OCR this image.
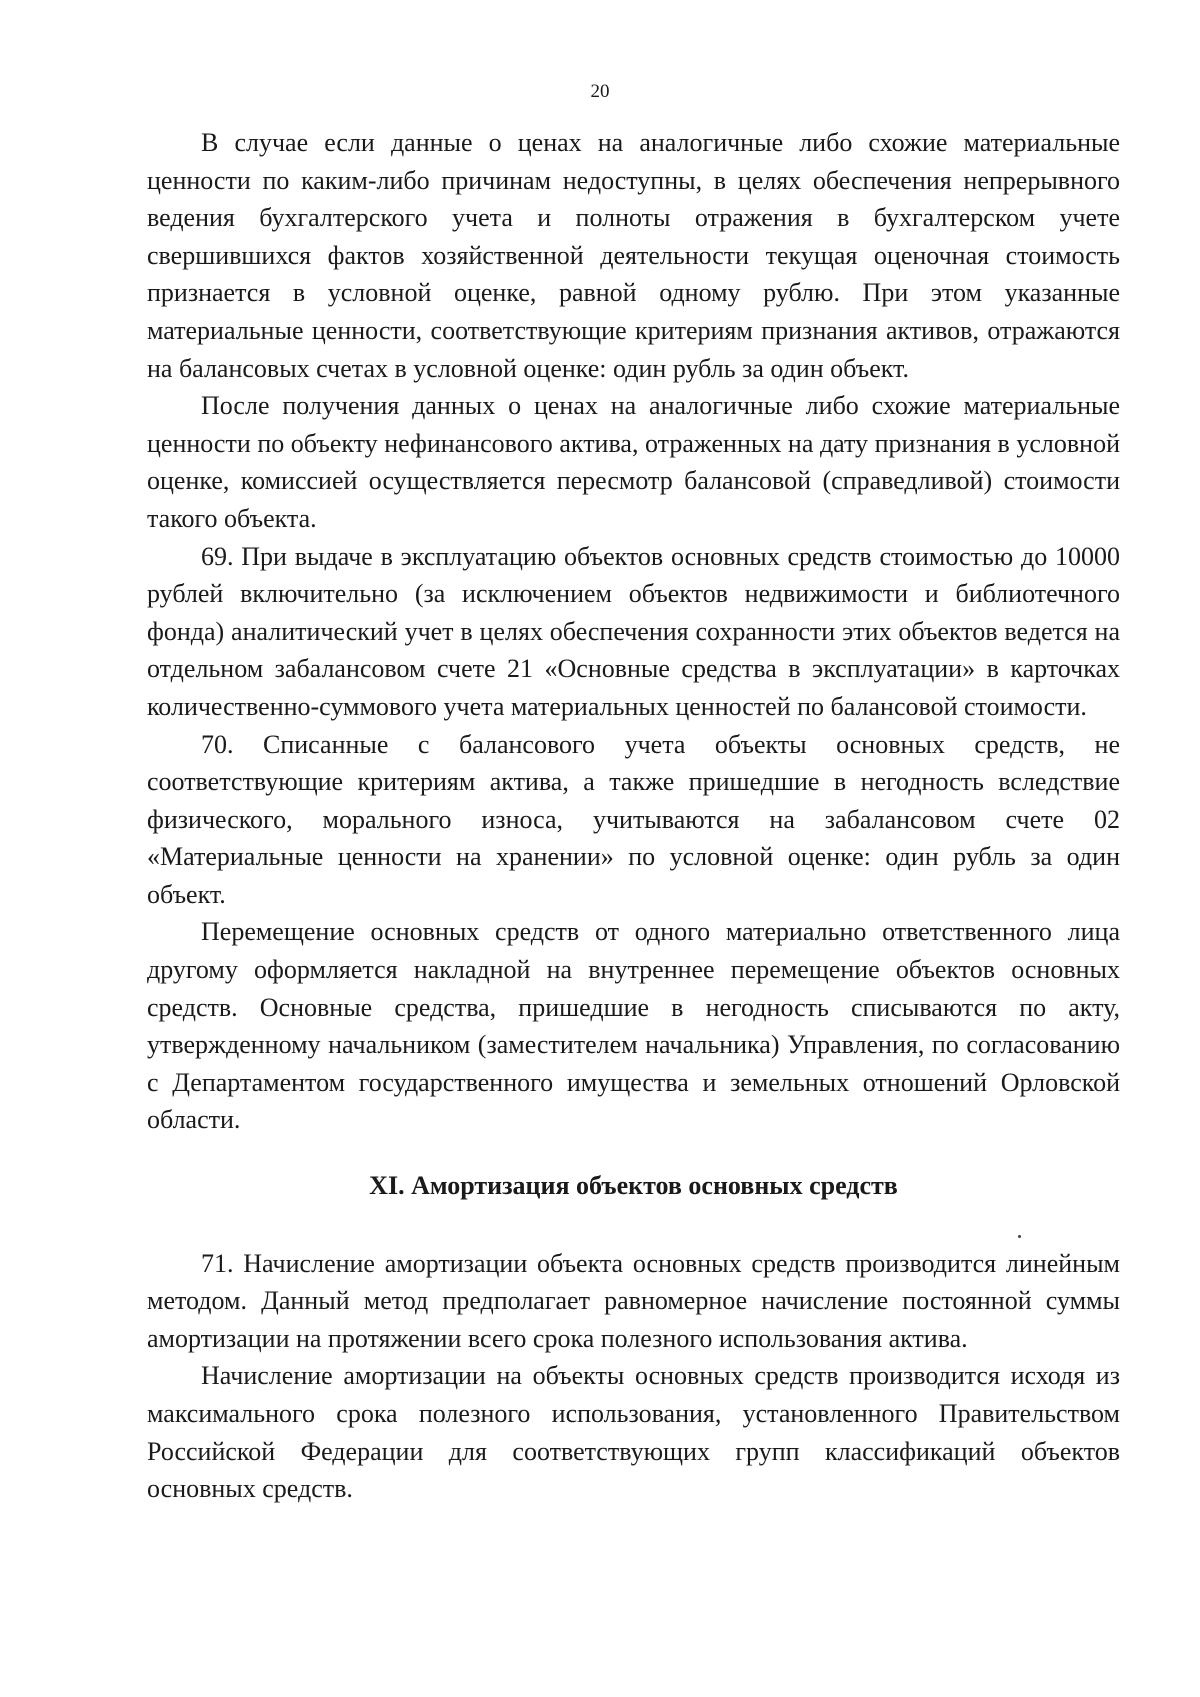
20

В случае если данные о ценах на аналогичные либо схожие материальные ценности по каким-либо причинам недоступны, в целях обеспечения непрерывного ведения бухгалтерского учета и полноты отражения в бухгалтерском учете свершившихся фактов хозяйственной деятельности текущая оценочная стоимость признается в условной оценке, равной одному рублю. При этом указанные материальные ценности, соответствующие критериям признания активов, отражаются на балансовых счетах в условной оценке: один рубль за один объект.

После получения данных о ценах на аналогичные либо схожие материальные ценности по объекту нефинансового актива, отраженных на дату признания в условной оценке, комиссией осуществляется пересмотр балансовой (справедливой) стоимости такого объекта.

69. При выдаче в эксплуатацию объектов основных средств стоимостью до 10000 рублей включительно (за исключением объектов недвижимости и библиотечного фонда) аналитический учет в целях обеспечения сохранности этих объектов ведется на отдельном забалансовом счете 21 «Основные средства в эксплуатации» в карточках количественно-суммового учета материальных ценностей по балансовой стоимости.

70. Списанные с балансового учета объекты основных средств, не соответствующие критериям актива, а также пришедшие в негодность вследствие физического, морального износа, учитываются на забалансовом счете 02 «Материальные ценности на хранении» по условной оценке: один рубль за один объект.

Перемещение основных средств от одного материально ответственного лица другому оформляется накладной на внутреннее перемещение объектов основных средств. Основные средства, пришедшие в негодность списываются по акту, утвержденному начальником (заместителем начальника) Управления, по согласованию с Департаментом государственного имущества и земельных отношений Орловской области.

XI. Амортизация объектов основных средств

71. Начисление амортизации объекта основных средств производится линейным методом. Данный метод предполагает равномерное начисление постоянной суммы амортизации на протяжении всего срока полезного использования актива.

Начисление амортизации на объекты основных средств производится исходя из максимального срока полезного использования, установленного Правительством Российской Федерации для соответствующих групп классификаций объектов основных средств.
